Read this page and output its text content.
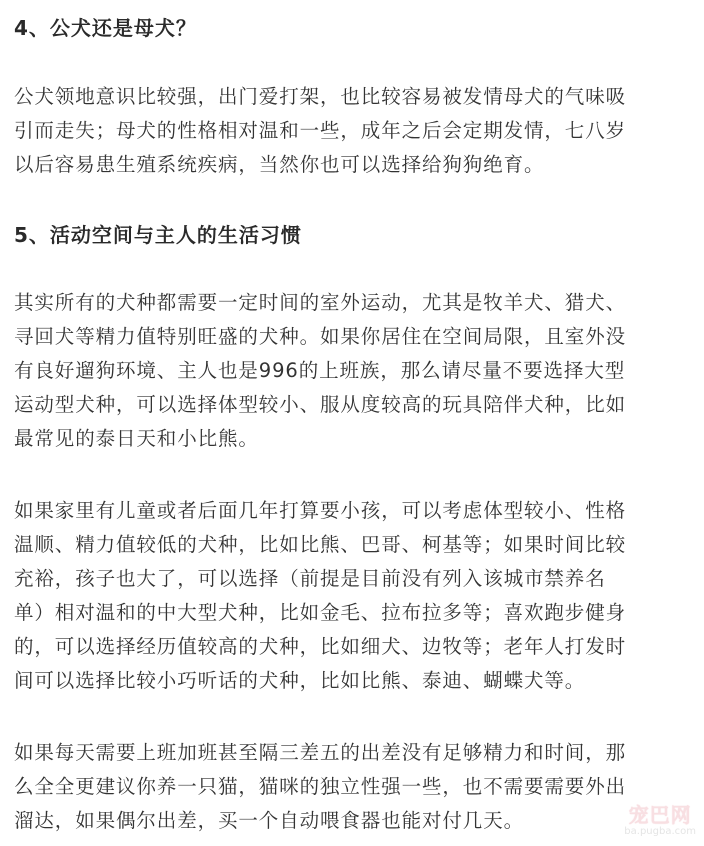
4、公犬还是母犬？
公犬领地意识比较强，出门爱打架，也比较容易被发情母犬的气味吸
引而走失；母犬的性格相对温和一些，成年之后会定期发情，七八岁
以后容易患生殖系统疾病，当然你也可以选择给狗狗绝育。
5、活动空间与主人的生活习惯
其实所有的犬种都需要一定时间的室外运动，尤其是牧羊犬、猎犬、
寻回犬等精力值特别旺盛的犬种。如果你居住在空间局限，且室外没
有良好遛狗环境、主人也是996的上班族，那么请尽量不要选择大型
运动型犬种，可以选择体型较小、服从度较高的玩具陪伴犬种，比如
最常见的泰日天和小比熊。
如果家里有儿童或者后面几年打算要小孩，可以考虑体型较小、性格
温顺、精力值较低的犬种，比如比熊、巴哥、柯基等；如果时间比较
充裕，孩子也大了，可以选择（前提是目前没有列入该城市禁养名
单）相对温和的中大型犬种，比如金毛、拉布拉多等；喜欢跑步健身
的，可以选择经历值较高的犬种，比如细犬、边牧等；老年人打发时
间可以选择比较小巧听话的犬种，比如比熊、泰迪、蝴蝶犬等。
如果每天需要上班加班甚至隔三差五的出差没有足够精力和时间，那
么全全更建议你养一只猫，猫咪的独立性强一些，也不需要需要外出
溜达，如果偶尔出差，买一个自动喂食器也能对付几天。	宠巴网
ba.pugba.com
